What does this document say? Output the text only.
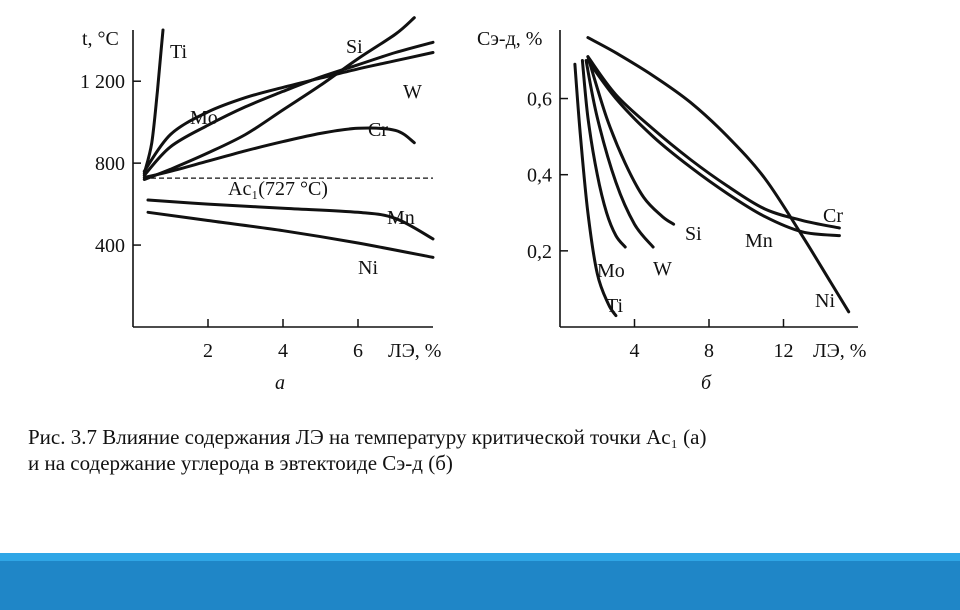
400
800
1 200
2	4	6
t, °C
ЛЭ, %
а
Ac₁(727 °C)
Ti
Mo
Si
W
Cr
Mn
Ni
0,2
0,4
0,6
4	8	12
Cэ-д, %
ЛЭ, %
б
Ti
Mo W
Si Mn
Cr
Ni

Рис. 3.7 Влияние содержания ЛЭ на температуру критической точки Ac₁ (a)
и на содержание углерода в эвтектоиде Cэ-д (б)
